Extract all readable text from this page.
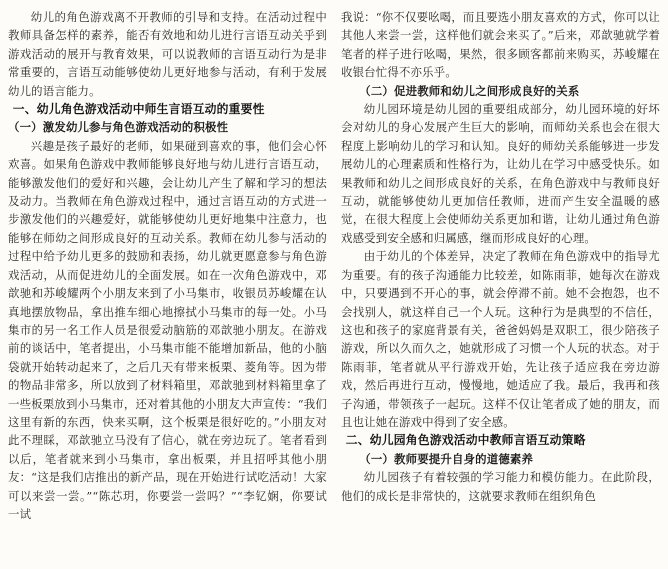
幼儿的角色游戏离不开教师的引导和支持。在活动过程中教师具备怎样的素养，能否有效地和幼儿进行言语互动关乎到游戏活动的展开与教育效果，可以说教师的言语互动行为是非常重要的，言语互动能够使幼儿更好地参与活动，有利于发展幼儿的语言能力。

一、幼儿角色游戏活动中师生言语互动的重要性
（一）激发幼儿参与角色游戏活动的积极性

兴趣是孩子最好的老师，如果碰到喜欢的事，他们会心怀欢喜。如果角色游戏中教师能够良好地与幼儿进行言语互动，能够激发他们的爱好和兴趣，会让幼儿产生了解和学习的想法及动力。当教师在角色游戏过程中，通过言语互动的方式进一步激发他们的兴趣爱好，就能够使幼儿更好地集中注意力，也能够在师幼之间形成良好的互动关系。教师在幼儿参与活动的过程中给予幼儿更多的鼓励和表扬，幼儿就更愿意参与角色游戏活动，从而促进幼儿的全面发展。如在一次角色游戏中，邓歆驰和苏峻耀两个小朋友来到了小马集市，收银员苏峻耀在认真地摆放物品，拿出推车细心地擦拭小马集市的每一处。小马集市的另一名工作人员是很爱动脑筋的邓歆驰小朋友。在游戏前的谈话中，笔者提出，小马集市能不能增加新品，他的小脑袋就开始转动起来了，之后几天有带来板栗、菱角等。因为带的物品非常多，所以放到了材料箱里，邓歆驰到材料箱里拿了一些板栗放到小马集市，还对着其他的小朋友大声宣传：“我们这里有新的东西，快来买啊，这个板栗是很好吃的。”小朋友对此不理睬，邓歆驰立马没有了信心，就在旁边玩了。笔者看到以后，笔者就来到小马集市，拿出板栗，并且招呼其他小朋友：“这是我们店推出的新产品，现在开始进行试吃活动！大家可以来尝一尝。”“陈芯玥，你要尝一尝吗？”“李钇娴，你要试一试

我说：“你不仅要吆喝，而且要选小朋友喜欢的方式，你可以让其他人来尝一尝，这样他们就会来买了。”后来，邓歆驰就学着笔者的样子进行吆喝，果然，很多顾客都前来购买，苏峻耀在收银台忙得不亦乐乎。

（二）促进教师和幼儿之间形成良好的关系

幼儿园环境是幼儿园的重要组成部分，幼儿园环境的好坏会对幼儿的身心发展产生巨大的影响，而师幼关系也会在很大程度上影响幼儿的学习和认知。良好的师幼关系能够进一步发展幼儿的心理素质和性格行为，让幼儿在学习中感受快乐。如果教师和幼儿之间形成良好的关系，在角色游戏中与教师良好互动，就能够使幼儿更加信任教师，进而产生安全温暖的感觉，在很大程度上会使师幼关系更加和谐，让幼儿通过角色游戏感受到安全感和归属感，继而形成良好的心理。

由于幼儿的个体差异，决定了教师在角色游戏中的指导尤为重要。有的孩子沟通能力比较差，如陈雨菲，她每次在游戏中，只要遇到不开心的事，就会停滞不前。她不会抱怨，也不会找别人，就这样自己一个人玩。这种行为是典型的不信任，这也和孩子的家庭背景有关，爸爸妈妈是双职工，很少陪孩子游戏，所以久而久之，她就形成了习惯一个人玩的状态。对于陈雨菲，笔者就从平行游戏开始，先让孩子适应我在旁边游戏，然后再进行互动，慢慢地，她适应了我。最后，我再和孩子沟通，带领孩子一起玩。这样不仅让笔者成了她的朋友，而且也让她在游戏中得到了安全感。

二、幼儿园角色游戏活动中教师言语互动策略
（一）教师要提升自身的道德素养

幼儿园孩子有着较强的学习能力和模仿能力。在此阶段，他们的成长是非常快的，这就要求教师在组织角色
